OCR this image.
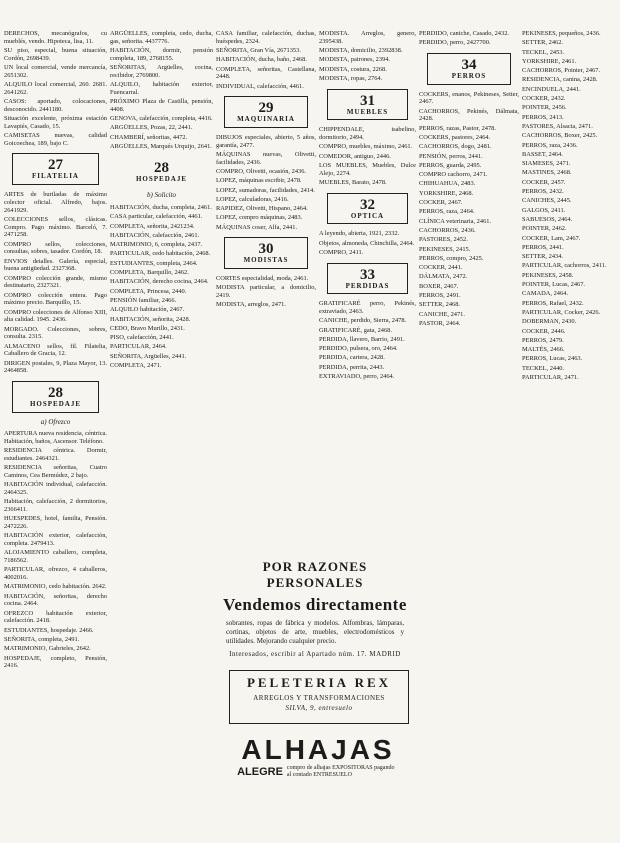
DERECHOS, mecanógrafos, cu mueblés, vendo. Hipoteca, lisa, 11.

SU piso, especial, buena situación, Cordón, 2698439.

UN local comercial, vende mercancía, 2651302.

ALQUILO local comercial, 260. 2681. 2641262.

CASOS: aportado, colocaciones, desconocido. 2441180.

Situación excelente, próxima estación Lavapiés, Casado, 15.

CAMISETAS nuevas, calidad Goicoechea, 189, bajo C.

27
FILATELIA

ARTES de buriladas de máximo colector oficial. Alfredo, bajos. 2641929.

COLECCIONES sellos, clásicas. Compro. Pago máximo. Barceló, 7. 2471258.

COMPRO sellos, colecciones, consultas, sobres, tasador. Cordón, 18.

ENVIOS detalles. Galería, especial, buena antigüedad. 2327368.

COMPRO colección grande, mismo destinatario, 2327321.

COMPRO colección entera. Pago máximo precio. Barquillo, 15.

COMPRO colecciones de Alfonso XIII, alta calidad. 1945. 2436.

MORGADO. Colecciones, sobres, consulta. 2315.

ALMACENO sellos, fil. Filatelia, Caballero de Gracia, 12.

DIRIGEN postales, 9, Plaza Mayor, 13. 2464858.

28
HOSPEDAJE
a) Ofrezco

APERTURA nueva residencia, céntrica. Habitación, baños, Ascensor. Teléfono.

RESIDENCIA céntrica. Dormir, estudiantes. 2464321.

RESIDENCIA señoritas, Cuatro Caminos, Cea Bermúdez, 2 bajo.

HABITACIÓN individual, calefacción. 2464325.

Habitación, calefacción, 2 dormitorios, 2366411.

HUESPEDES, hotel, familia, Pensión. 2472226.

HABITACIÓN exterior, calefacción, completa. 2479413.

ALOJAMIENTO caballero, completa, 7186562.

PARTICULAR, ofrezco, 4 caballeros, 4002016.

MATRIMONIO, cedo habitación. 2642.

HABITACIÓN, señoritas, derecho cocina. 2464.

OFREZCO habitación exterior, calefacción. 2418.

ESTUDIANTES, hospedaje. 2466.

SEÑORITA, completa, 2491.

MATRIMONIO, Gabrieles, 2642.

HOSPEDAJE, completo, Pensión, 2416.

ARGÜELLES, completa, cedo, ducha, gas, señorita. 4437776.

HABITACIÓN, dormir, pensión completa, 189, 2768155.

SEÑORITAS, Argüelles, cocina, recibidor, 2769800.

ALQUILO, habitación exterior, Fuencarral.

PRÓXIMO Plaza de Castilla, pensión, 4408.

GENOVA, calefacción, completa, 4416.

ARGÜELLES, Pozas, 22, 2441.

CHAMBERÍ, señoritas, 4472.

ARGÜELLES, Marqués Urquijo, 2641.

28
HOSPEDAJE
b) Solicito

HABITACIÓN, ducha, completa, 2461.

CASA particular, calefacción, 4461.

COMPLETA, señorita, 2421234.

HABITACIÓN, calefacción, 2461.

MATRIMONIO, 6, completa, 2437.

PARTICULAR, cedo habitación, 2468.

ESTUDIANTES, completa, 2464.

COMPLETA, Barquillo, 2462.

HABITACIÓN, derecho cocina, 2464.

COMPLETA, Princesa, 2440.

PENSIÓN familiar, 2466.

ALQUILO habitación, 2467.

HABITACIÓN, señorita, 2428.

CEDO, Bravo Murillo, 2431.

PISO, calefacción, 2441.

PARTICULAR, 2464.

SEÑORITA, Argüelles, 2441.

COMPLETA, 2471.

CASA familiar, calefacción, duchas, huéspedes, 2324.

SEÑORITA, Gran Vía, 2671353.

HABITACIÓN, ducha, baño, 2468.

COMPLETA, señoritas, Castellana, 2448.

INDIVIDUAL, calefacción, 4461.

29
MAQUINARIA

DIBUJOS especiales, abierto, 5 años, garantía, 2477.

MÁQUINAS nuevas, Olivetti, facilidades, 2436.

COMPRO, Olivetti, ocasión, 2436.

LOPEZ, máquinas escribir, 2478.

LOPEZ, sumadoras, facilidades, 2414.

LOPEZ, calculadoras, 2416.

RAPIDEZ, Olivetti, Hispano, 2464.

LOPEZ, compro máquinas, 2483.

MÁQUINAS coser, Alfa, 2441.

30
MODISTAS

CORTES especialidad, moda, 2461.

MODISTA particular, a domicilio, 2419.

MODISTA, arreglos, 2471.

MODISTA. Arreglos, genero, 2395438.

MODISTA, domicilio, 2392838.

MODISTA, patrones, 2394.

MODISTA, costura, 2268.

MODISTA, ropas, 2764.

31
MUEBLES

CHIPPENDALE, isabelino, dormitorio, 2494.

COMPRO, muebles, máximo, 2461.

COMEDOR, antiguo, 2446.

LOS MUEBLES, Muebles, Dulce Alejo, 2274.

MUEBLES, Barato, 2478.

32
OPTICA

A leyendo, abierta, 1921, 2332.

Objetos, almoneda, Chinchilla, 2464.

COMPRO, 2411.

33
PERDIDAS

GRATIFICARÉ perro, Pekinés, extraviado, 2463.

CANICHE, perdido, Sierra, 2478.

GRATIFICARÉ, gata, 2468.

PERDIDA, llavero, Barrio, 2491.

PERDIDO, pulsera, oro, 2464.

PERDIDA, cartera, 2428.

PERDIDA, perrita, 2443.

EXTRAVIADO, perro, 2464.

PERDIDO, caniche, Casado, 2432.

PERDIDO, perro, 2427700.

34
PERROS

COCKERS, enanos, Pekineses, Setter, 2467.

CACHORROS, Pekinés, Dálmata, 2428.

PERROS, razas, Pastor, 2478.

COCKERS, pastores, 2464.

CACHORROS, dogo, 2481.

PENSIÓN, perros, 2441.

PERROS, guarda, 2495.

COMPRO cachorro, 2471.

CHIHUAHUA, 2483.

YORKSHIRE, 2468.

COCKER, 2467.

PERROS, raza, 2464.

CLÍNICA veterinaria, 2461.

CACHORROS, 2436.

PASTORES, 2452.

PEKINESES, 2415.

PERROS, compro, 2425.

COCKER, 2441.

DÁLMATA, 2472.

BOXER, 2467.

PERROS, 2491.

SETTER, 2468.

CANICHE, 2471.

PASTOR, 2464.

PEKINESES, pequeños, 2436.

SETTER, 2462.

TECKEL, 2453.

YORKSHIRE, 2461.

CACHORROS, Pointer, 2467.

RESIDENCIA, canina, 2428.

ENCINDUELA, 2441.

COCKER, 2432.

POINTER, 2456.

PERROS, 2413.

PASTORES, Alsacia, 2471.

CACHORROS, Boxer, 2425.

PERROS, raza, 2436.

BASSET, 2464.

SIAMESES, 2471.

MASTINES, 2468.

COCKER, 2457.

PERROS, 2432.

CANICHES, 2445.

GALGOS, 2411.

SABUESOS, 2464.

POINTER, 2462.

COCKER, Lam, 2467.

PERROS, 2441.

SETTER, 2434.

PARTICULAR, cachorros, 2411.

PEKINESES, 2458.

POINTER, Lucas, 2467.

CAMADA, 2464.

PERROS, Rafael, 2432.

PARTICULAR, Cocker, 2426.

DOBERMAN, 2430.

COCKER, 2446.

PERROS, 2479.

MALTÉS, 2466.

PERROS, Lucas, 2463.

TECKEL, 2440.

PARTICULAR, 2471.

POR RAZONES PERSONALES
Vendemos directamente
sobrantes, ropas de fábrica y modelos. Alfombras, lámparas, cortinas, objetos de arte, muebles, electrodomésticos y utilidades. Mejorando cualquier precio.
Interesados, escribir al Apartado núm. 17. MADRID
PELETERIA REX
ARREGLOS Y TRANSFORMACIONES
SILVA, 9, entresuelo
ALHAJAS
ALEGRE compro de alhajas EXPOSITORAS pagando al contado ENTRESUELO
